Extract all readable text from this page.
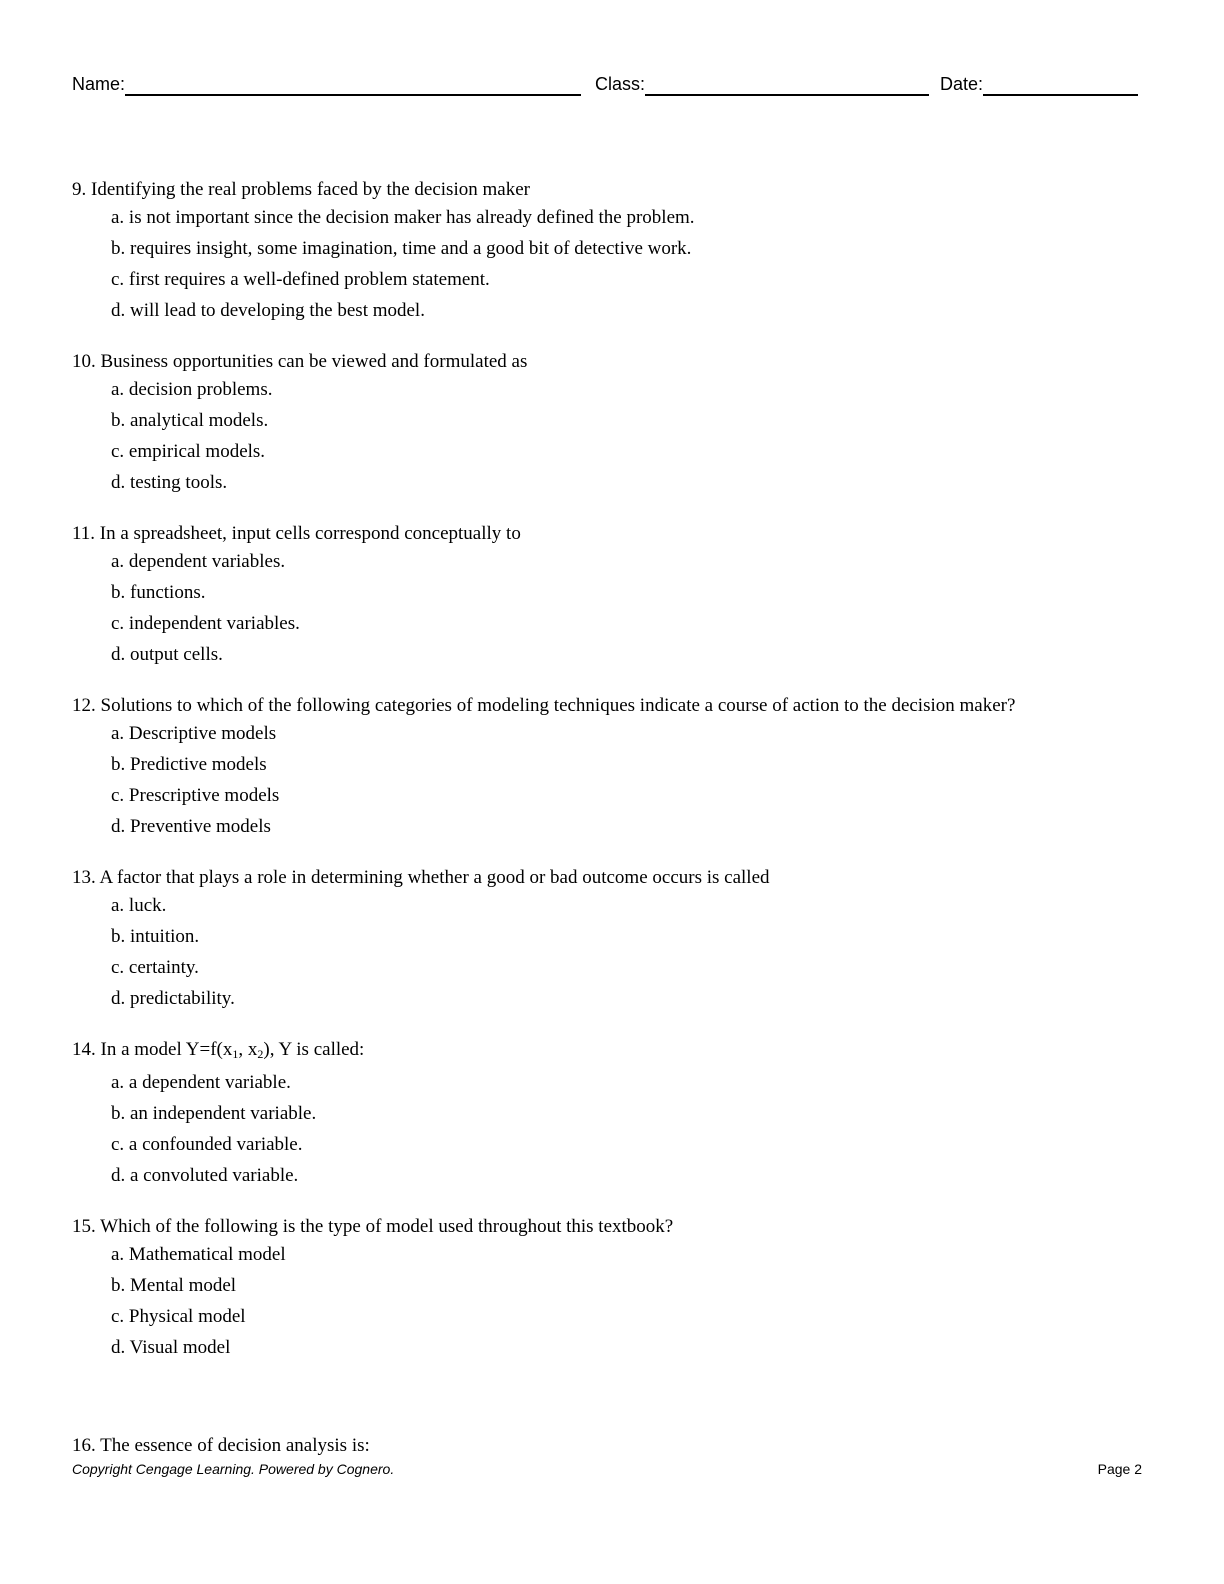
Name:	Class:	Date:
9. Identifying the real problems faced by the decision maker
a. is not important since the decision maker has already defined the problem.
b. requires insight, some imagination, time and a good bit of detective work.
c. first requires a well-defined problem statement.
d. will lead to developing the best model.
10. Business opportunities can be viewed and formulated as
a. decision problems.
b. analytical models.
c. empirical models.
d. testing tools.
11. In a spreadsheet, input cells correspond conceptually to
a. dependent variables.
b. functions.
c. independent variables.
d. output cells.
12. Solutions to which of the following categories of modeling techniques indicate a course of action to the decision maker?
a. Descriptive models
b. Predictive models
c. Prescriptive models
d. Preventive models
13. A factor that plays a role in determining whether a good or bad outcome occurs is called
a. luck.
b. intuition.
c. certainty.
d. predictability.
14. In a model $Y=f(x_1$, $x_2$), Y is called:
a. a dependent variable.
b. an independent variable.
c. a confounded variable.
d. a convoluted variable.
15. Which of the following is the type of model used throughout this textbook?
a. Mathematical model
b. Mental model
c. Physical model
d. Visual model
16. The essence of decision analysis is:
Copyright Cengage Learning. Powered by Cognero.	Page 2
